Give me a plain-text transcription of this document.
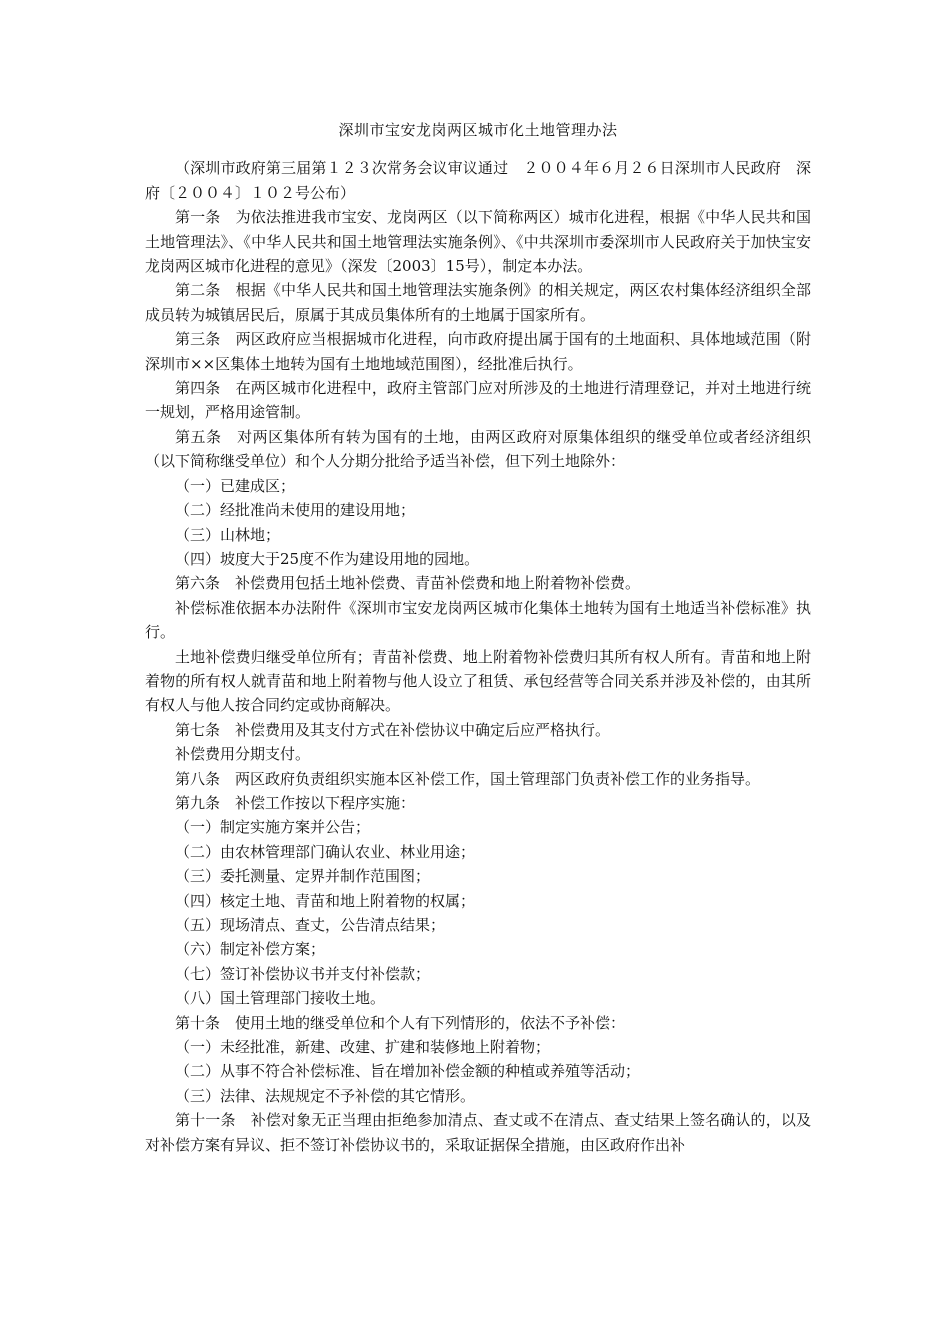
深圳市宝安龙岗两区城市化土地管理办法

（深圳市政府第三届第１２３次常务会议审议通过　２００４年６月２６日深圳市人民政府　深府〔２００４〕１０２号公布）

第一条　为依法推进我市宝安、龙岗两区（以下简称两区）城市化进程，根据《中华人民共和国土地管理法》、《中华人民共和国土地管理法实施条例》、《中共深圳市委深圳市人民政府关于加快宝安龙岗两区城市化进程的意见》（深发〔2003〕15号），制定本办法。

第二条　根据《中华人民共和国土地管理法实施条例》的相关规定，两区农村集体经济组织全部成员转为城镇居民后，原属于其成员集体所有的土地属于国家所有。

第三条　两区政府应当根据城市化进程，向市政府提出属于国有的土地面积、具体地域范围（附深圳市××区集体土地转为国有土地地域范围图），经批准后执行。

第四条　在两区城市化进程中，政府主管部门应对所涉及的土地进行清理登记，并对土地进行统一规划，严格用途管制。

第五条　对两区集体所有转为国有的土地，由两区政府对原集体组织的继受单位或者经济组织（以下简称继受单位）和个人分期分批给予适当补偿，但下列土地除外：

（一）已建成区；

（二）经批准尚未使用的建设用地；

（三）山林地；

（四）坡度大于25度不作为建设用地的园地。

第六条　补偿费用包括土地补偿费、青苗补偿费和地上附着物补偿费。

补偿标准依据本办法附件《深圳市宝安龙岗两区城市化集体土地转为国有土地适当补偿标准》执行。

土地补偿费归继受单位所有；青苗补偿费、地上附着物补偿费归其所有权人所有。青苗和地上附着物的所有权人就青苗和地上附着物与他人设立了租赁、承包经营等合同关系并涉及补偿的，由其所有权人与他人按合同约定或协商解决。

第七条　补偿费用及其支付方式在补偿协议中确定后应严格执行。

补偿费用分期支付。

第八条　两区政府负责组织实施本区补偿工作，国土管理部门负责补偿工作的业务指导。

第九条　补偿工作按以下程序实施：

（一）制定实施方案并公告；

（二）由农林管理部门确认农业、林业用途；

（三）委托测量、定界并制作范围图；

（四）核定土地、青苗和地上附着物的权属；

（五）现场清点、查丈，公告清点结果；

（六）制定补偿方案；

（七）签订补偿协议书并支付补偿款；

（八）国土管理部门接收土地。

第十条　使用土地的继受单位和个人有下列情形的，依法不予补偿：

（一）未经批准，新建、改建、扩建和装修地上附着物；

（二）从事不符合补偿标准、旨在增加补偿金额的种植或养殖等活动；

（三）法律、法规规定不予补偿的其它情形。

第十一条　补偿对象无正当理由拒绝参加清点、查丈或不在清点、查丈结果上签名确认的，以及对补偿方案有异议、拒不签订补偿协议书的，采取证据保全措施，由区政府作出补
